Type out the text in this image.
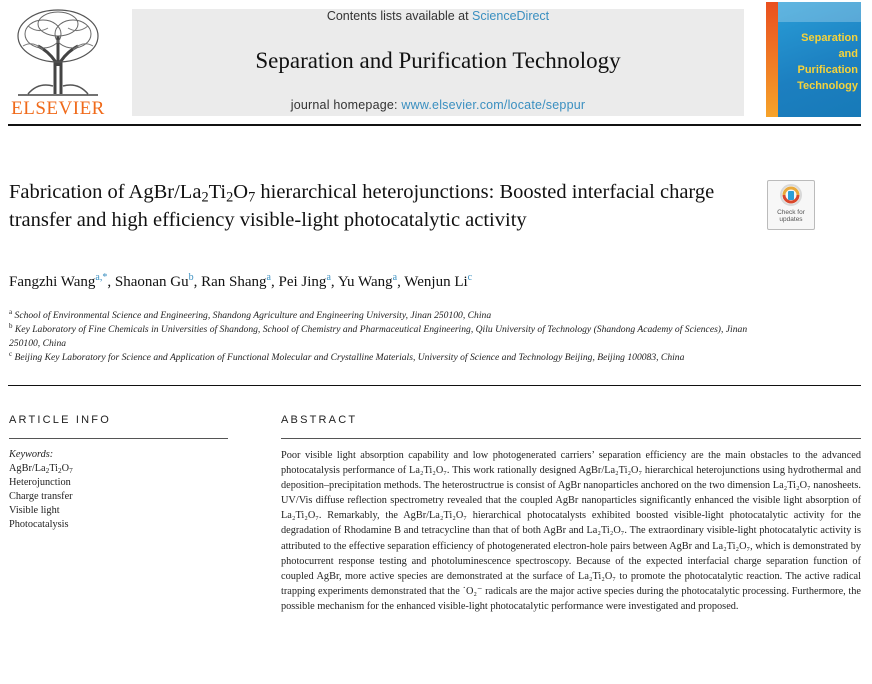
ELSEVIER
Contents lists available at ScienceDirect
Separation and Purification Technology
journal homepage: www.elsevier.com/locate/seppur
Separation
and Purification
Technology
Fabrication of AgBr/$La_2Ti_2O_7$ hierarchical heterojunctions: Boosted interfacial charge transfer and high efficiency visible-light photocatalytic activity	Check for
updates
Fangzhi Wang$^{a,*}$, Shaonan Gu$^b$, Ran Shang$^a$, Pei Jing$^a$, Yu Wang$^a$, Wenjun Li$^c$
$^a$ School of Environmental Science and Engineering, Shandong Agriculture and Engineering University, Jinan 250100, China
$^b$ Key Laboratory of Fine Chemicals in Universities of Shandong, School of Chemistry and Pharmaceutical Engineering, Qilu University of Technology (Shandong Academy of Sciences), Jinan 250100, China
$^c$ Beijing Key Laboratory for Science and Application of Functional Molecular and Crystalline Materials, University of Science and Technology Beijing, Beijing 100083, China
ARTICLE INFO
Keywords:
AgBr/$La_2Ti_2O_7$
Heterojunction
Charge transfer
Visible light
Photocatalysis
ABSTRACT
Poor visible light absorption capability and low photogenerated carriers’ separation efficiency are the main obstacles to the advanced photocatalysis performance of La₂Ti₂O₇. This work rationally designed AgBr/La₂Ti₂O₇ hierarchical heterojunctions using hydrothermal and deposition–precipitation methods. The heterostructrue is consist of AgBr nanoparticles anchored on the two dimension La₂Ti₂O₇ nanosheets. UV/Vis diffuse reflection spectrometry revealed that the coupled AgBr nanoparticles significantly enhanced the visible light absorption of La₂Ti₂O₇. Remarkably, the AgBr/La₂Ti₂O₇ hierarchical photocatalysts exhibited boosted visible-light photocatalytic activity for the degradation of Rhodamine B and tetracycline than that of both AgBr and La₂Ti₂O₇. The extraordinary visible-light photocatalytic activity is attributed to the effective separation efficiency of photogenerated electron-hole pairs between AgBr and La₂Ti₂O₇, which is demonstrated by photocurrent response testing and photoluminescence spectroscopy. Because of the expected interfacial charge separation function of coupled AgBr, more active species are demonstrated at the surface of La₂Ti₂O₇ to promote the photocatalytic reaction. The active radical trapping experiments demonstrated that the ˙O₂⁻ radicals are the major active species during the photocatalytic processing. Furthermore, the possible mechanism for the enhanced visible-light photocatalytic performance were investigated and proposed.
